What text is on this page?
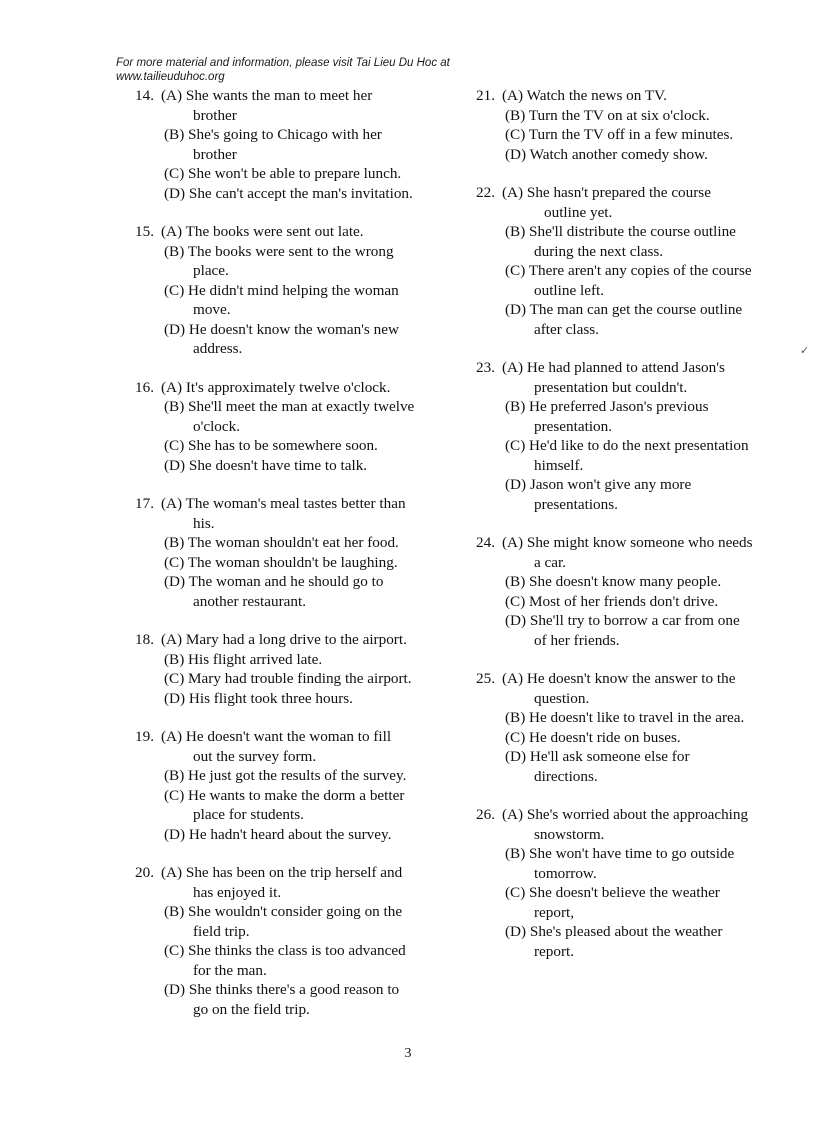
For more material and information, please visit Tai Lieu Du Hoc at
www.tailieuduhoc.org
14. (A) She wants the man to meet her
brother
(B) She's going to Chicago with her
brother
(C) She won't be able to prepare lunch.
(D) She can't accept the man's invitation.
15. (A) The books were sent out late.
(B) The books were sent to the wrong
place.
(C) He didn't mind helping the woman
move.
(D) He doesn't know the woman's new
address.
16. (A) It's approximately twelve o'clock.
(B) She'll meet the man at exactly twelve
o'clock.
(C) She has to be somewhere soon.
(D) She doesn't have time to talk.
17. (A) The woman's meal tastes better than
his.
(B) The woman shouldn't eat her food.
(C) The woman shouldn't be laughing.
(D) The woman and he should go to
another restaurant.
18. (A) Mary had a long drive to the airport.
(B) His flight arrived late.
(C) Mary had trouble finding the airport.
(D) His flight took three hours.
19. (A) He doesn't want the woman to fill
out the survey form.
(B) He just got the results of the survey.
(C) He wants to make the dorm a better
place for students.
(D) He hadn't heard about the survey.
20. (A) She has been on the trip herself and
has enjoyed it.
(B) She wouldn't consider going on the
field trip.
(C) She thinks the class is too advanced
for the man.
(D) She thinks there's a good reason to
go on the field trip.
21. (A) Watch the news on TV.
(B) Turn the TV on at six o'clock.
(C) Turn the TV off in a few minutes.
(D) Watch another comedy show.
22. (A) She hasn't prepared the course
outline yet.
(B) She'll distribute the course outline
during the next class.
(C) There aren't any copies of the course
outline left.
(D) The man can get the course outline
after class.
23. (A) He had planned to attend Jason's
presentation but couldn't.
(B) He preferred Jason's previous
presentation.
(C) He'd like to do the next presentation
himself.
(D) Jason won't give any more
presentations.
24. (A) She might know someone who needs
a car.
(B) She doesn't know many people.
(C) Most of her friends don't drive.
(D) She'll try to borrow a car from one
of her friends.
25. (A) He doesn't know the answer to the
question.
(B) He doesn't like to travel in the area.
(C) He doesn't ride on buses.
(D) He'll ask someone else for
directions.
26. (A) She's worried about the approaching
snowstorm.
(B) She won't have time to go outside
tomorrow.
(C) She doesn't believe the weather
report,
(D) She's pleased about the weather
report.
✓
3
